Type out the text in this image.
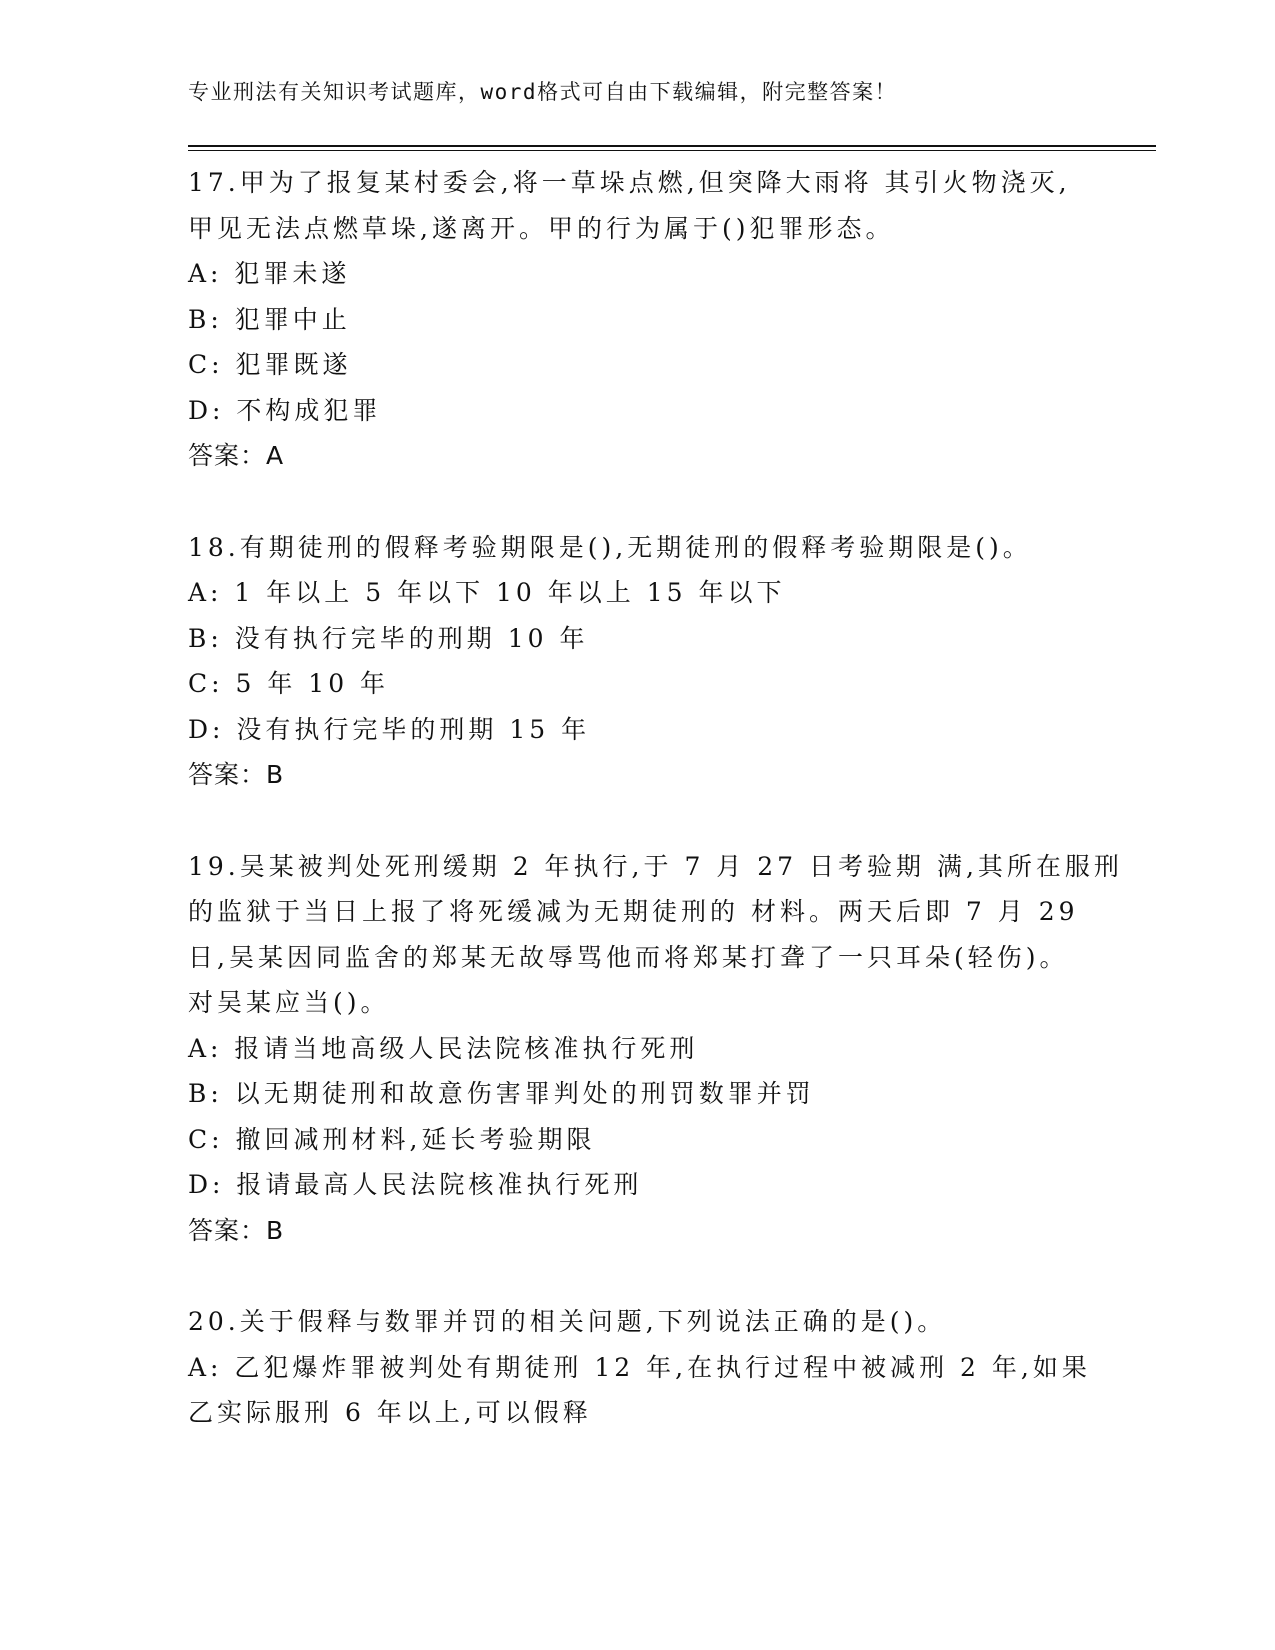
专业刑法有关知识考试题库，word格式可自由下载编辑，附完整答案！
17.甲为了报复某村委会,将一草垛点燃,但突降大雨将 其引火物浇灭,
甲见无法点燃草垛,遂离开。甲的行为属于()犯罪形态。
A: 犯罪未遂
B: 犯罪中止
C: 犯罪既遂
D: 不构成犯罪
答案：A
18.有期徒刑的假释考验期限是(),无期徒刑的假释考验期限是()。
A: 1 年以上 5 年以下 10 年以上 15 年以下
B: 没有执行完毕的刑期 10 年
C: 5 年 10 年
D: 没有执行完毕的刑期 15 年
答案：B
19.吴某被判处死刑缓期 2 年执行,于 7 月 27 日考验期 满,其所在服刑
的监狱于当日上报了将死缓减为无期徒刑的 材料。两天后即 7 月 29
日,吴某因同监舍的郑某无故辱骂他而将郑某打聋了一只耳朵(轻伤)。
对吴某应当()。
A: 报请当地高级人民法院核准执行死刑
B: 以无期徒刑和故意伤害罪判处的刑罚数罪并罚
C: 撤回减刑材料,延长考验期限
D: 报请最高人民法院核准执行死刑
答案：B
20.关于假释与数罪并罚的相关问题,下列说法正确的是()。
A: 乙犯爆炸罪被判处有期徒刑 12 年,在执行过程中被减刑 2 年,如果
乙实际服刑 6 年以上,可以假释
